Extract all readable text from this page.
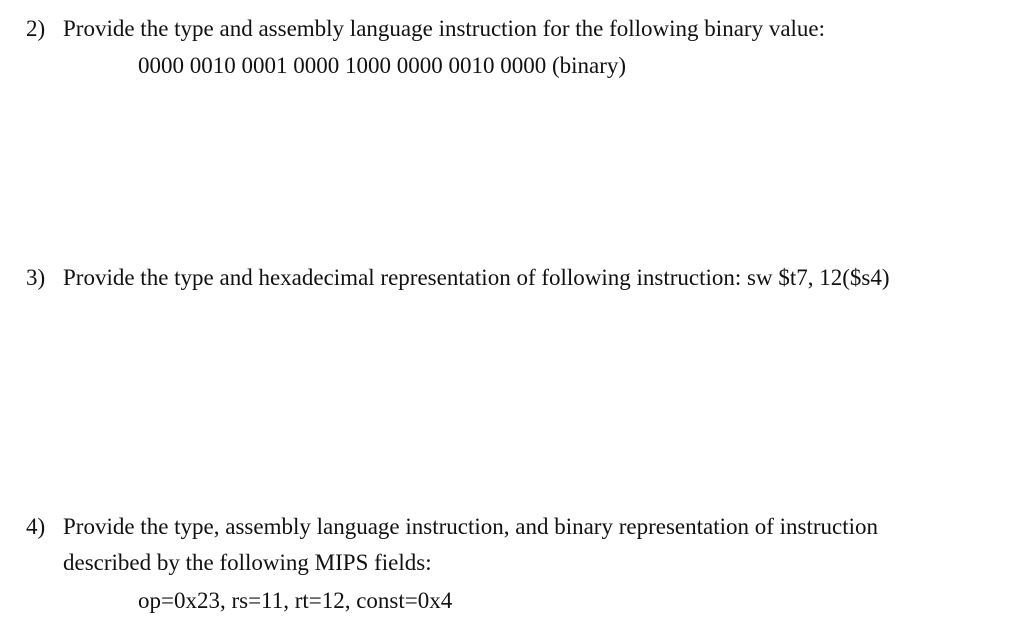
2) Provide the type and assembly language instruction for the following binary value:
0000 0010 0001 0000 1000 0000 0010 0000 (binary)
3) Provide the type and hexadecimal representation of following instruction: sw $t7, 12($s4)
4) Provide the type, assembly language instruction, and binary representation of instruction
described by the following MIPS fields:
op=0x23, rs=11, rt=12, const=0x4
